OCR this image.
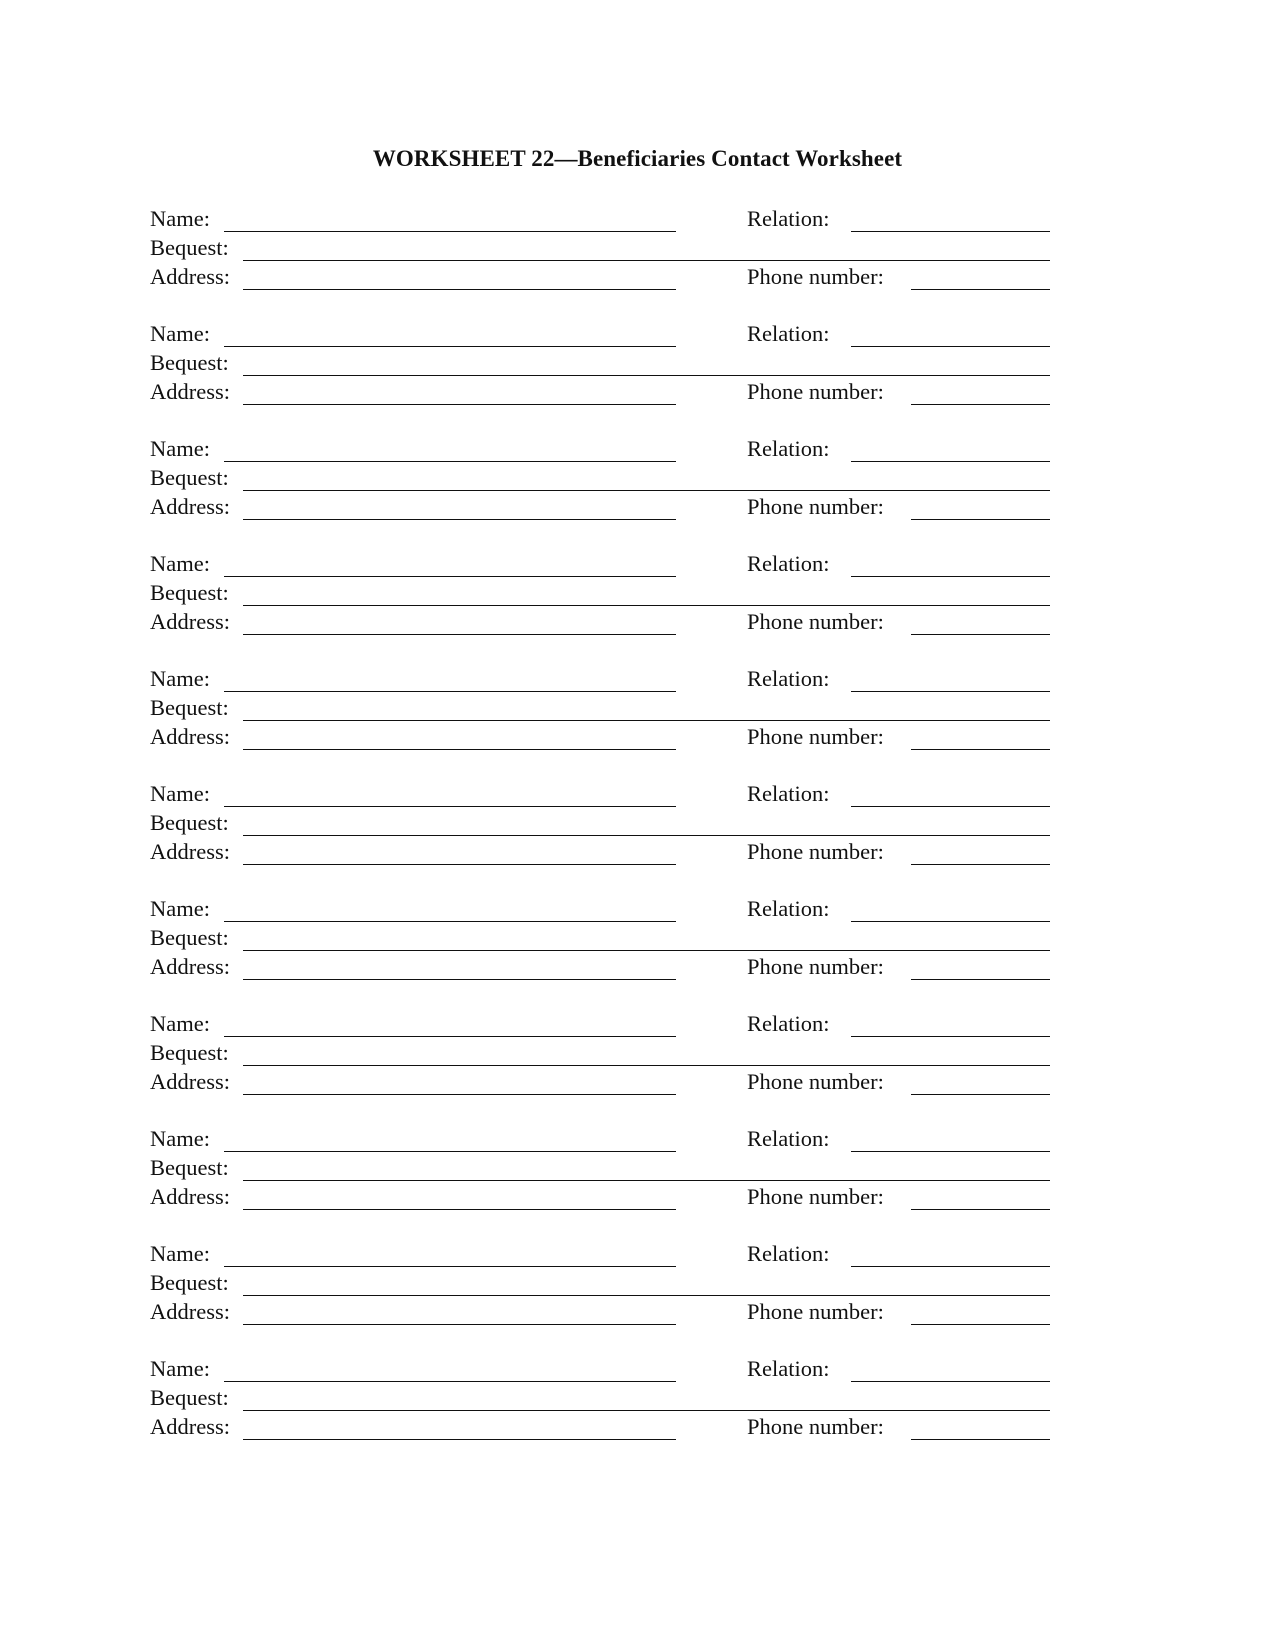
WORKSHEET 22—Beneficiaries Contact Worksheet
Name:	Relation:
Bequest:
Address:	Phone number:
Name:	Relation:
Bequest:
Address:	Phone number:
Name:	Relation:
Bequest:
Address:	Phone number:
Name:	Relation:
Bequest:
Address:	Phone number:
Name:	Relation:
Bequest:
Address:	Phone number:
Name:	Relation:
Bequest:
Address:	Phone number:
Name:	Relation:
Bequest:
Address:	Phone number:
Name:	Relation:
Bequest:
Address:	Phone number:
Name:	Relation:
Bequest:
Address:	Phone number:
Name:	Relation:
Bequest:
Address:	Phone number:
Name:	Relation:
Bequest:
Address:	Phone number:
